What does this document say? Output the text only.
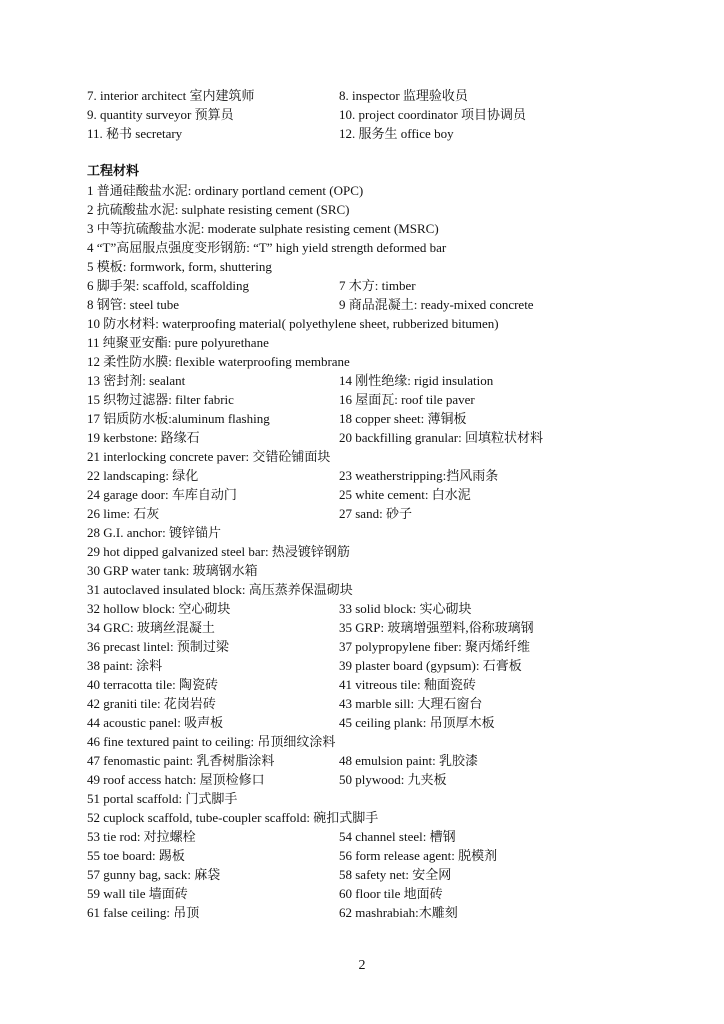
7. interior architect 室内建筑师	8. inspector 监理验收员
9. quantity surveyor 预算员	10. project coordinator 项目协调员
11. 秘书 secretary	12. 服务生 office boy
工程材料
1 普通硅酸盐水泥: ordinary portland cement (OPC)
2 抗硫酸盐水泥: sulphate resisting cement (SRC)
3 中等抗硫酸盐水泥: moderate sulphate resisting cement (MSRC)
4 “T”高屈服点强度变形钢筋: “T” high yield strength deformed bar
5 模板: formwork, form, shuttering
6 脚手架: scaffold, scaffolding	7 木方: timber
8 钢管: steel tube	9 商品混凝土: ready-mixed concrete
10 防水材料: waterproofing material( polyethylene sheet, rubberized bitumen)
11 纯聚亚安酯: pure polyurethane
12 柔性防水膜: flexible waterproofing membrane
13 密封剂: sealant	14 刚性绝缘: rigid insulation
15 织物过滤器: filter fabric	16 屋面瓦: roof tile paver
17 铝质防水板:aluminum flashing	18 copper sheet: 薄铜板
19 kerbstone: 路缘石	20 backfilling granular: 回填粒状材料
21 interlocking concrete paver: 交错砼铺面块
22 landscaping: 绿化	23 weatherstripping:挡风雨条
24 garage door: 车库自动门	25 white cement: 白水泥
26 lime: 石灰	27 sand: 砂子
28 G.I. anchor: 镀锌锚片
29 hot dipped galvanized steel bar: 热浸镀锌钢筋
30 GRP water tank: 玻璃钢水箱
31 autoclaved insulated block: 高压蒸养保温砌块
32 hollow block: 空心砌块	33 solid block: 实心砌块
34 GRC: 玻璃丝混凝土	35 GRP: 玻璃增强塑料,俗称玻璃钢
36 precast lintel: 预制过梁	37 polypropylene fiber: 聚丙烯纤维
38 paint: 涂料	39 plaster board (gypsum): 石膏板
40 terracotta tile: 陶瓷砖	41 vitreous tile: 釉面瓷砖
42 graniti tile: 花岗岩砖	43 marble sill: 大理石窗台
44 acoustic panel: 吸声板	45 ceiling plank: 吊顶厚木板
46 fine textured paint to ceiling: 吊顶细纹涂料
47 fenomastic paint: 乳香树脂涂料	48 emulsion paint: 乳胶漆
49 roof access hatch: 屋顶检修口	50 plywood: 九夹板
51 portal scaffold: 门式脚手
52 cuplock scaffold, tube-coupler scaffold: 碗扣式脚手
53 tie rod: 对拉螺栓	54 channel steel: 槽钢
55 toe board: 踢板	56 form release agent: 脱模剂
57 gunny bag, sack: 麻袋	58 safety net: 安全网
59 wall tile 墙面砖	60 floor tile 地面砖
61 false ceiling: 吊顶	62 mashrabiah:木雕刻
2
